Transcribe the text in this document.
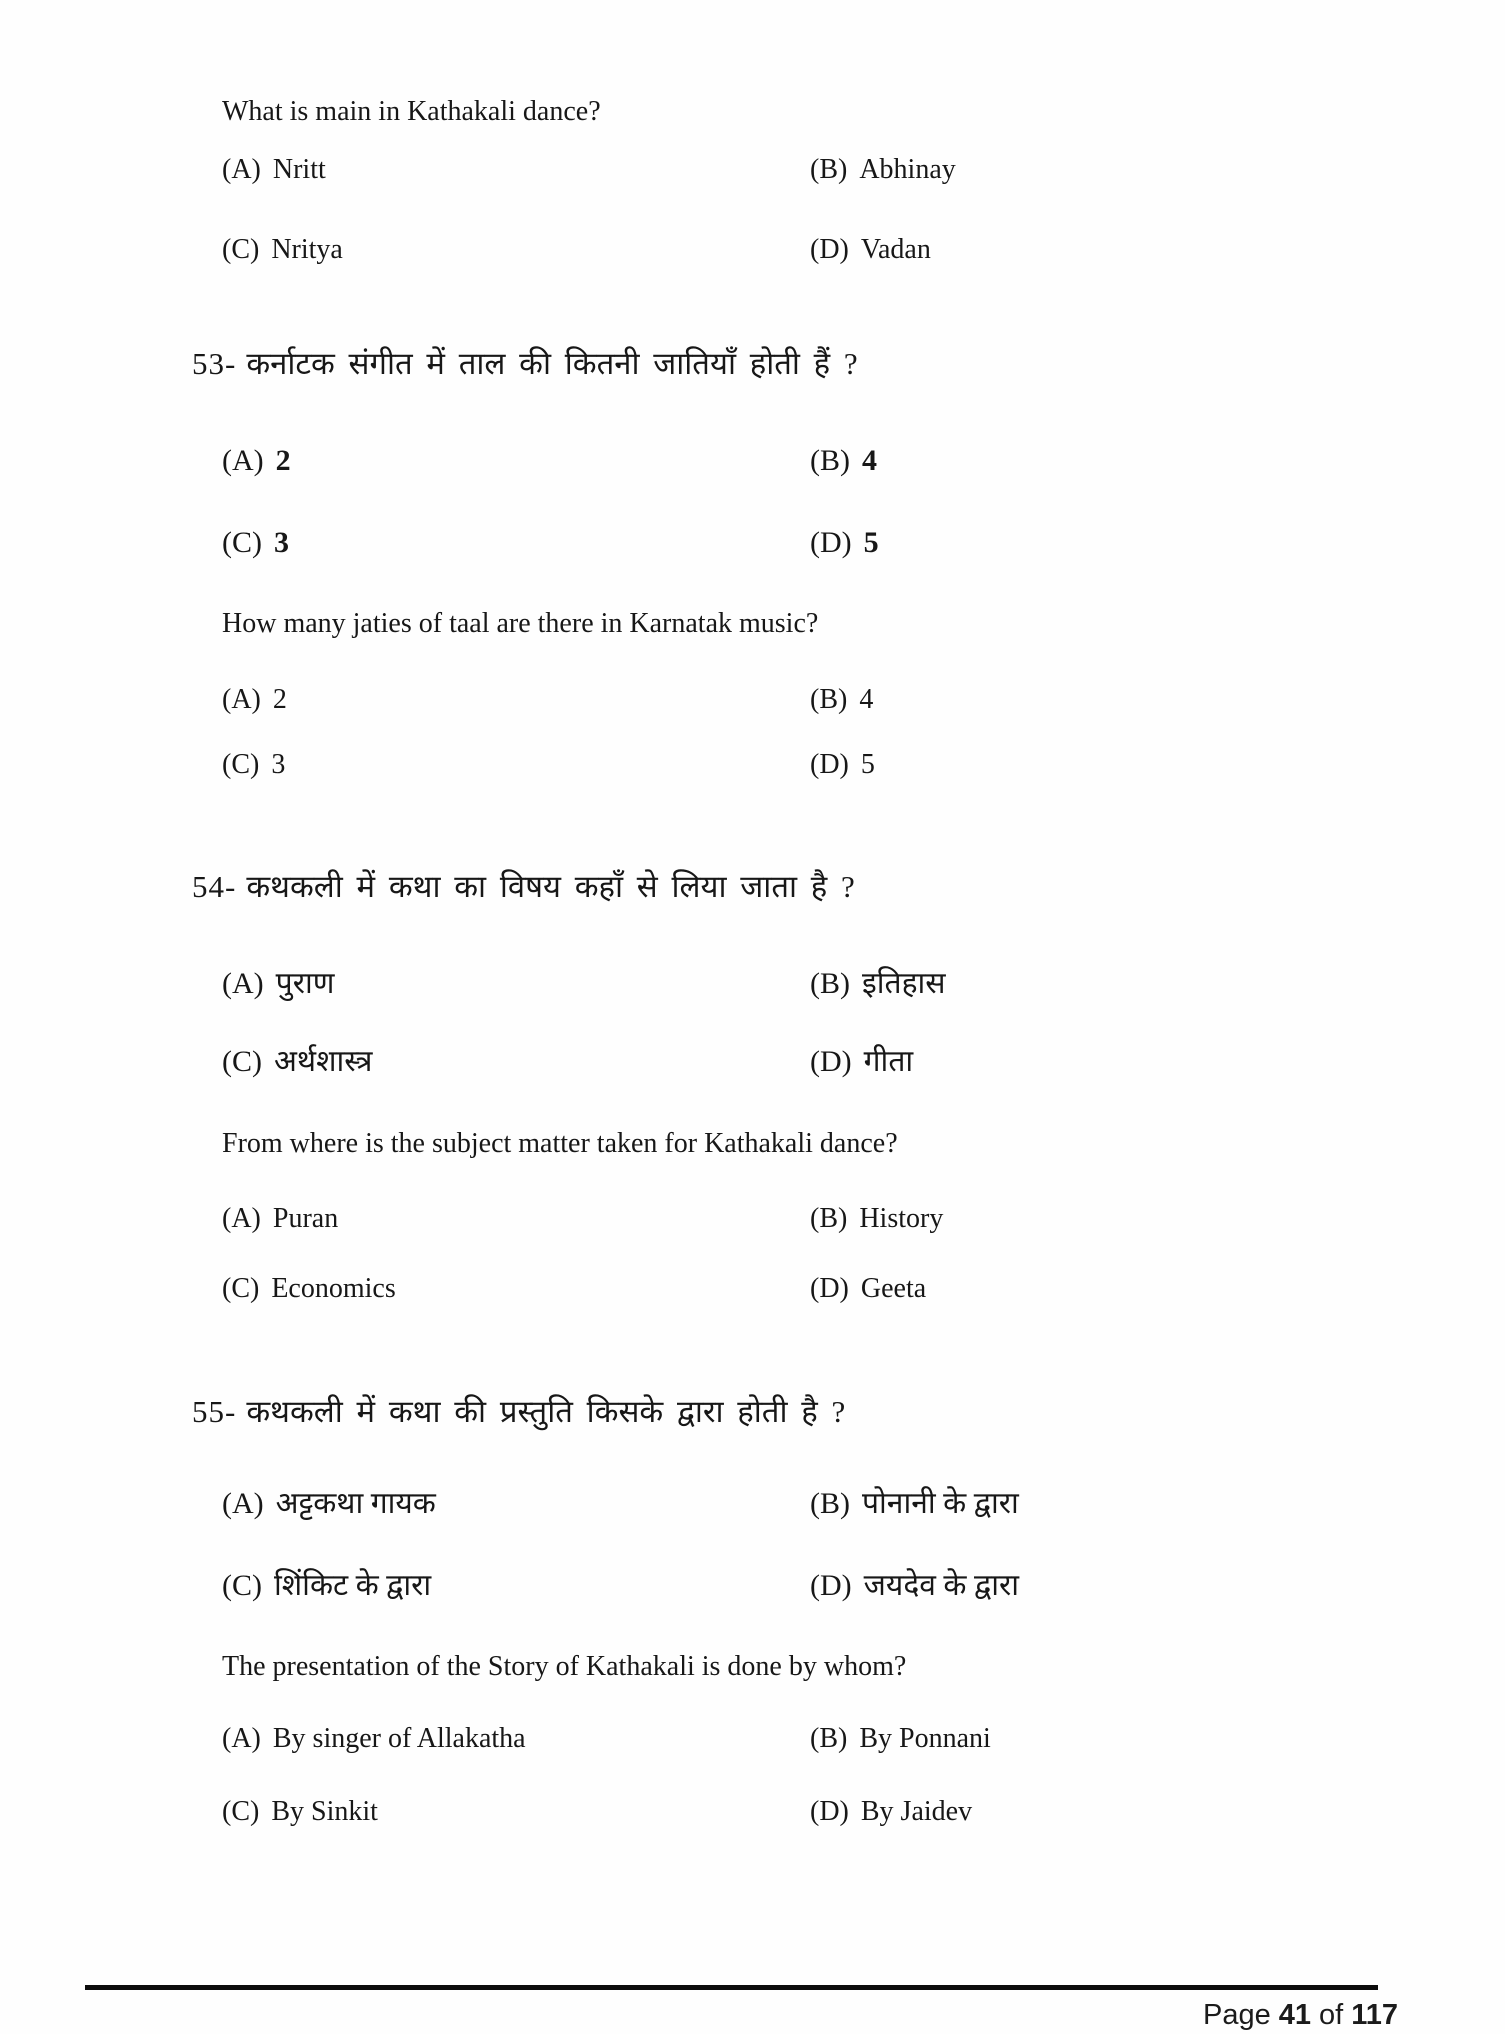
What is main in Kathakali dance?
(A) Nritt	(B) Abhinay
(C) Nritya	(D) Vadan
53- कर्नाटक संगीत में ताल की कितनी जातियाँ होती हैं ?
(A) 2	(B) 4
(C) 3	(D) 5
How many jaties of taal are there in Karnatak music?
(A) 2	(B) 4
(C) 3	(D) 5
54- कथकली में कथा का विषय कहाँ से लिया जाता है ?
(A) पुराण	(B) इतिहास
(C) अर्थशास्त्र	(D) गीता
From where is the subject matter taken for Kathakali dance?
(A) Puran	(B) History
(C) Economics	(D) Geeta
55- कथकली में कथा की प्रस्तुति किसके द्वारा होती है ?
(A) अट्टकथा गायक	(B) पोनानी के द्वारा
(C) शिंकिट के द्वारा	(D) जयदेव के द्वारा
The presentation of the Story of Kathakali is done by whom?
(A) By singer of Allakatha	(B) By Ponnani
(C) By Sinkit	(D) By Jaidev
Page 41 of 117
